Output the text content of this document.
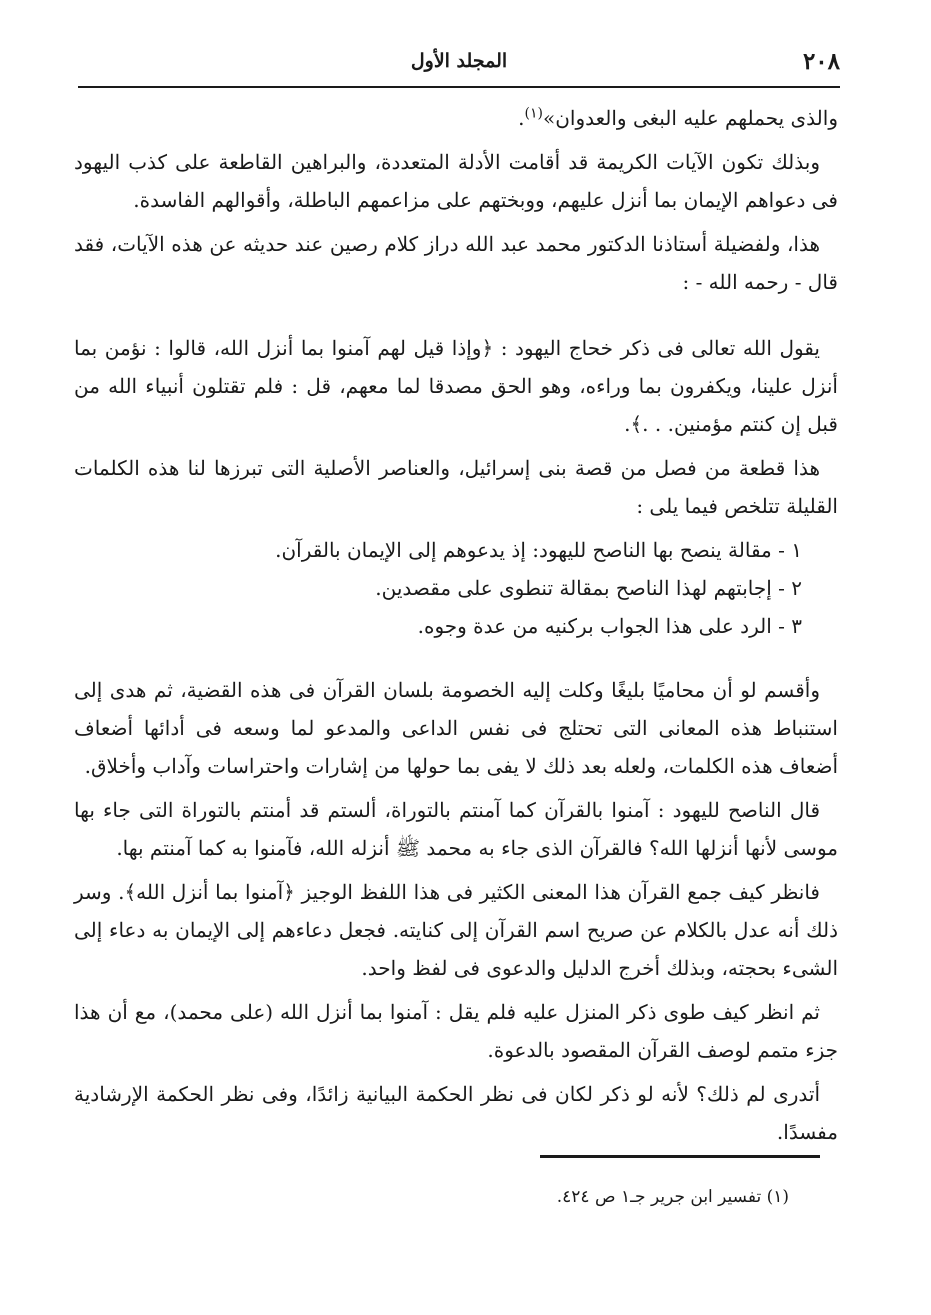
٢٠٨
المجلد الأول

والذى يحملهم عليه البغى والعدوان»$^{(١)}$.

وبذلك تكون الآيات الكريمة قد أقامت الأدلة المتعددة، والبراهين القاطعة على كذب اليهود فى دعواهم الإيمان بما أنزل عليهم، ووبختهم على مزاعمهم الباطلة، وأقوالهم الفاسدة.

هذا، ولفضيلة أستاذنا الدكتور محمد عبد الله دراز كلام رصين عند حديثه عن هذه الآيات، فقد قال - رحمه الله - :

يقول الله تعالى فى ذكر خحاج اليهود : ﴿وإذا قيل لهم آمنوا بما أنزل الله، قالوا : نؤمن بما أنزل علينا، ويكفرون بما وراءه، وهو الحق مصدقا لما معهم، قل : فلم تقتلون أنبياء الله من قبل إن كنتم مؤمنين. . .﴾.

هذا قطعة من فصل من قصة بنى إسرائيل، والعناصر الأصلية التى تبرزها لنا هذه الكلمات القليلة تتلخص فيما يلى :

١ - مقالة ينصح بها الناصح لليهود: إذ يدعوهم إلى الإيمان بالقرآن.

٢ - إجابتهم لهذا الناصح بمقالة تنطوى على مقصدين.

٣ - الرد على هذا الجواب بركنيه من عدة وجوه.

وأقسم لو أن محاميًا بليغًا وكلت إليه الخصومة بلسان القرآن فى هذه القضية، ثم هدى إلى استنباط هذه المعانى التى تحتلج فى نفس الداعى والمدعو لما وسعه فى أدائها أضعاف أضعاف هذه الكلمات، ولعله بعد ذلك لا يفى بما حولها من إشارات واحتراسات وآداب وأخلاق.

قال الناصح لليهود : آمنوا بالقرآن كما آمنتم بالتوراة، ألستم قد أمنتم بالتوراة التى جاء بها موسى لأنها أنزلها الله؟ فالقرآن الذى جاء به محمد ﷺ أنزله الله، فآمنوا به كما آمنتم بها.

فانظر كيف جمع القرآن هذا المعنى الكثير فى هذا اللفظ الوجيز ﴿آمنوا بما أنزل الله﴾. وسر ذلك أنه عدل بالكلام عن صريح اسم القرآن إلى كنايته. فجعل دعاءهم إلى الإيمان به دعاء إلى الشىء بحجته، وبذلك أخرج الدليل والدعوى فى لفظ واحد.

ثم انظر كيف طوى ذكر المنزل عليه فلم يقل : آمنوا بما أنزل الله (على محمد)، مع أن هذا جزء متمم لوصف القرآن المقصود بالدعوة.

أتدرى لم ذلك؟ لأنه لو ذكر لكان فى نظر الحكمة البيانية زائدًا، وفى نظر الحكمة الإرشادية مفسدًا.

(١) تفسير ابن جرير جـ١ ص ٤٢٤.
